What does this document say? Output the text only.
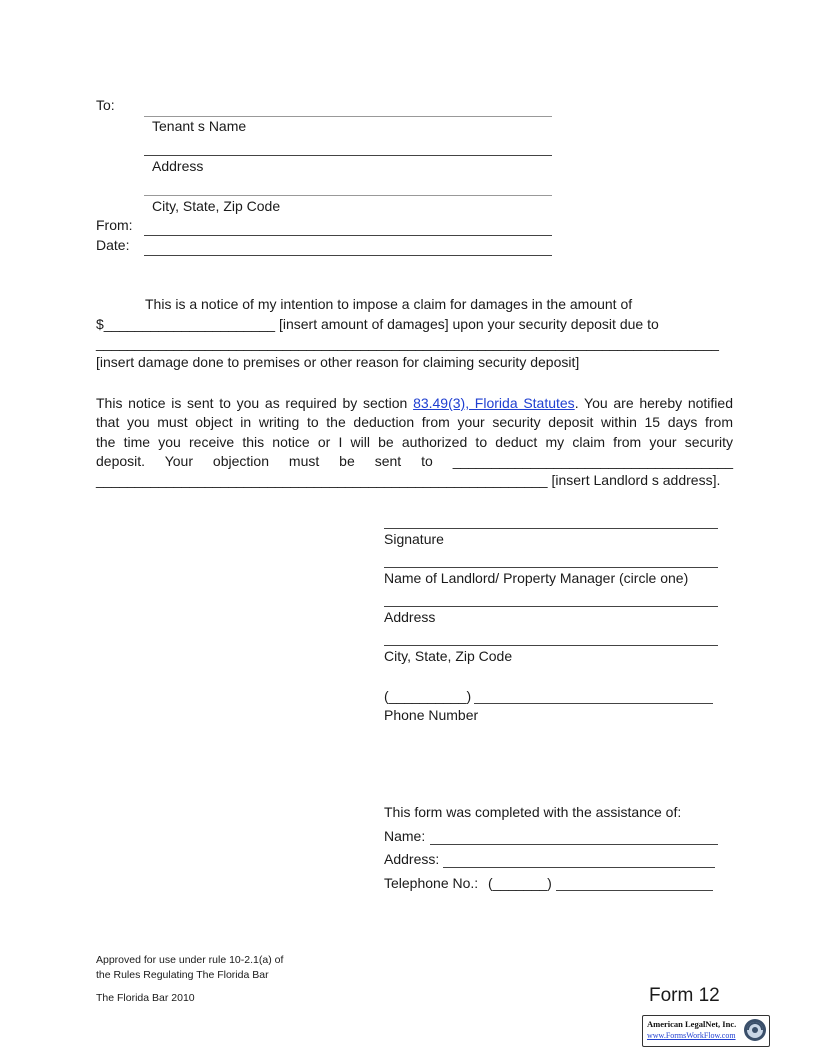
To:
Tenant s Name
Address
City, State, Zip Code
From:
Date:
This is a notice of my intention to impose a claim for damages in the amount of
$______________________ [insert amount of damages] upon your security deposit due to
________________________________________________________________________________
[insert damage done to premises or other reason for claiming security deposit]
This notice is sent to you as required by section 83.49(3), Florida Statutes. You are hereby notified
that you must object in writing to the deduction from your security deposit within 15 days from
the time you receive this notice or I will be authorized to deduct my claim from your security
deposit. Your objection must be sent to ____________________________________
__________________________________________________________ [insert Landlord s address].
Signature
Name of Landlord/ Property Manager (circle one)
Address
City, State, Zip Code
(__________)
Phone Number
This form was completed with the assistance of:
Name:
Address:
Telephone No.: (_______)
Approved for use under rule 10-2.1(a) of
the Rules Regulating The Florida Bar
The Florida Bar 2010	Form 12
American LegalNet, Inc.
www.FormsWorkFlow.com
